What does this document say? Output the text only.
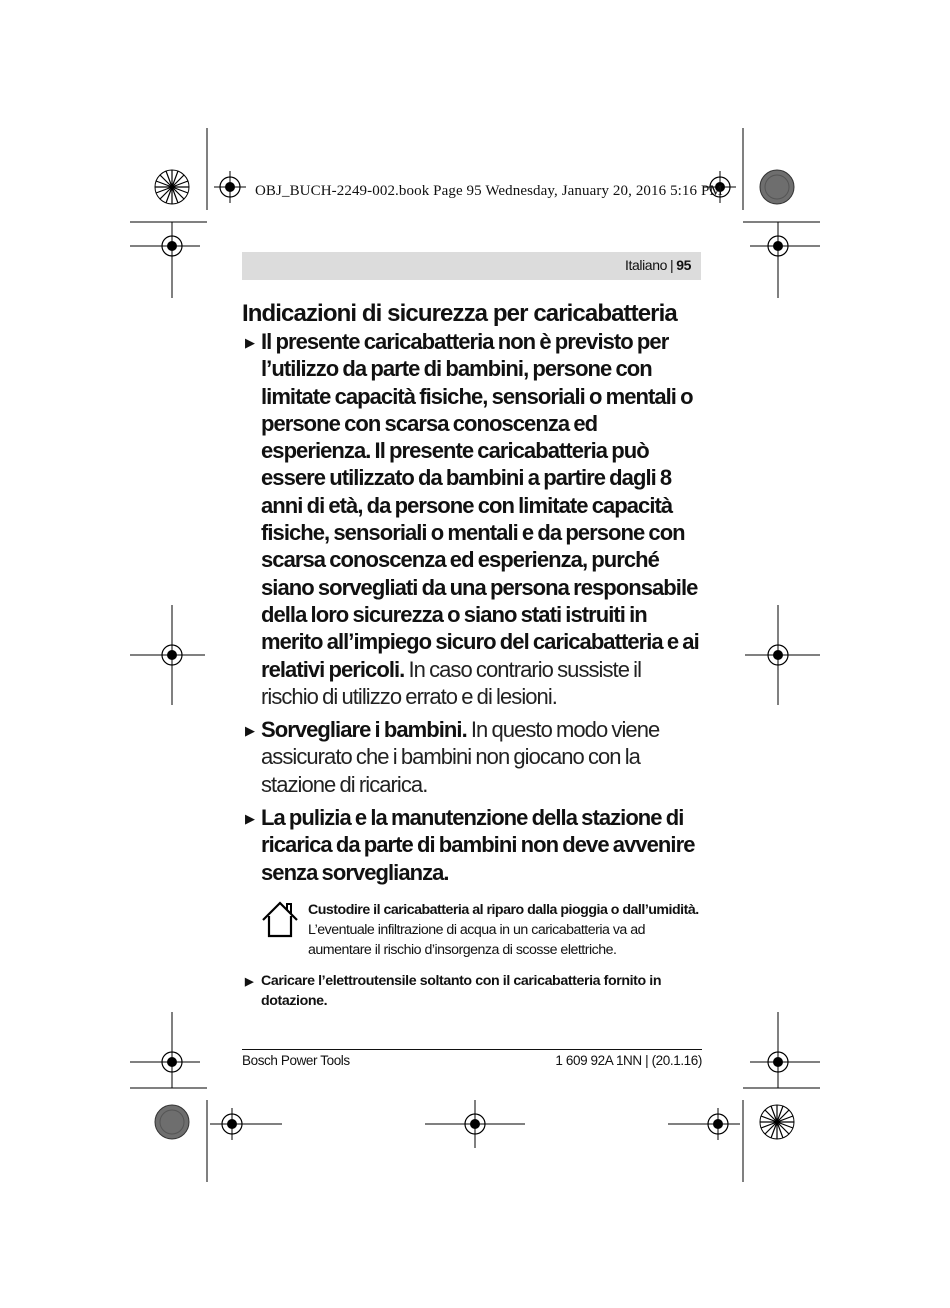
OBJ_BUCH-2249-002.book Page 95 Wednesday, January 20, 2016 5:16 PM
Italiano | 95
Indicazioni di sicurezza per caricabatteria
▶ Il presente caricabatteria non è previsto per l’utilizzo da parte di bambini, persone con limitate capacità fisiche, sensoriali o mentali o persone con scarsa conoscenza ed esperienza. Il presente caricabatteria può essere utilizzato da bambini a partire dagli 8 anni di età, da persone con limitate capacità fisiche, sensoriali o mentali e da persone con scarsa conoscenza ed esperienza, purché siano sorvegliati da una persona responsabile della loro sicurezza o siano stati istruiti in merito all’impiego sicuro del caricabatteria e ai relativi pericoli. In caso contrario sussiste il rischio di utilizzo errato e di lesioni.
▶ Sorvegliare i bambini. In questo modo viene assicurato che i bambini non giocano con la stazione di ricarica.
▶ La pulizia e la manutenzione della stazione di ricarica da parte di bambini non deve avvenire senza sorveglianza.
Custodire il caricabatteria al riparo dalla pioggia o dall’umidità. L’eventuale infiltrazione di acqua in un caricabatteria va ad aumentare il rischio d’insorgenza di scosse elettriche.
▶ Caricare l’elettroutensile soltanto con il caricabatteria fornito in dotazione.
Bosch Power Tools	1 609 92A 1NN | (20.1.16)
